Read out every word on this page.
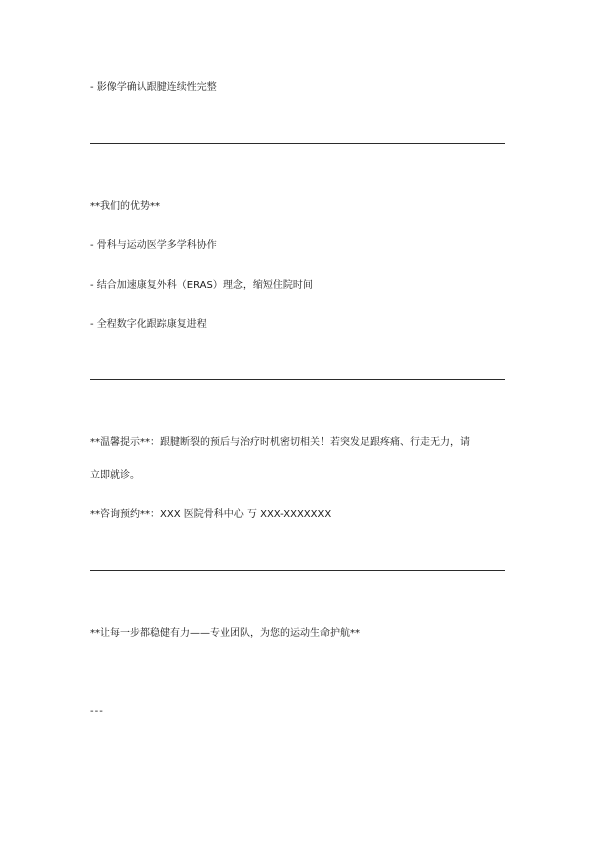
- 影像学确认跟腱连续性完整
**我们的优势**
- 骨科与运动医学多学科协作
- 结合加速康复外科（ERAS）理念，缩短住院时间
- 全程数字化跟踪康复进程
**温馨提示**：跟腱断裂的预后与治疗时机密切相关！若突发足跟疼痛、行走无力，请
立即就诊。
**咨询预约**：XXX 医院骨科中心 丂 XXX-XXXXXXX
**让每一步都稳健有力——专业团队，为您的运动生命护航**
---
